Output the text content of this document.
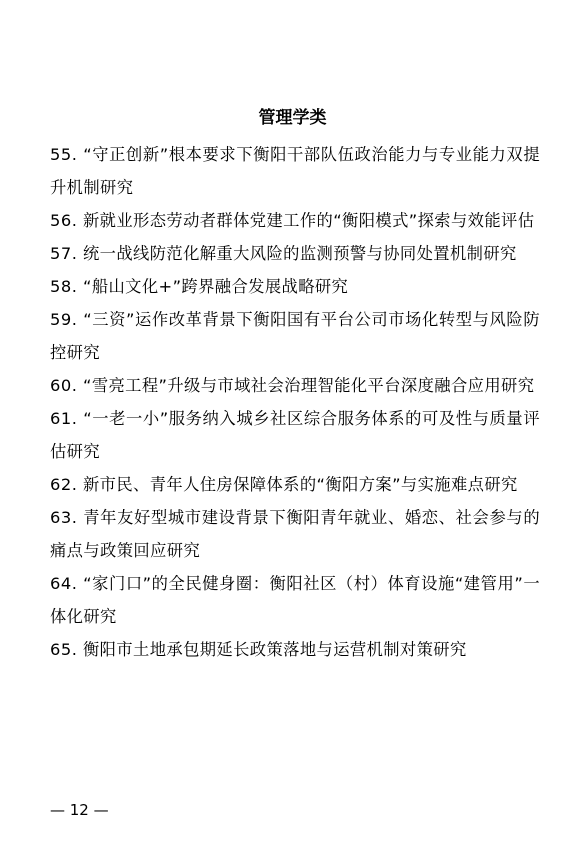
管理学类
55. “守正创新”根本要求下衡阳干部队伍政治能力与专业能力双提升机制研究
56. 新就业形态劳动者群体党建工作的“衡阳模式”探索与效能评估
57. 统一战线防范化解重大风险的监测预警与协同处置机制研究
58. “船山文化+”跨界融合发展战略研究
59. “三资”运作改革背景下衡阳国有平台公司市场化转型与风险防控研究
60. “雪亮工程”升级与市域社会治理智能化平台深度融合应用研究
61. “一老一小”服务纳入城乡社区综合服务体系的可及性与质量评估研究
62. 新市民、青年人住房保障体系的“衡阳方案”与实施难点研究
63. 青年友好型城市建设背景下衡阳青年就业、婚恋、社会参与的痛点与政策回应研究
64. “家门口”的全民健身圈：衡阳社区（村）体育设施“建管用”一体化研究
65. 衡阳市土地承包期延长政策落地与运营机制对策研究
— 12 —
